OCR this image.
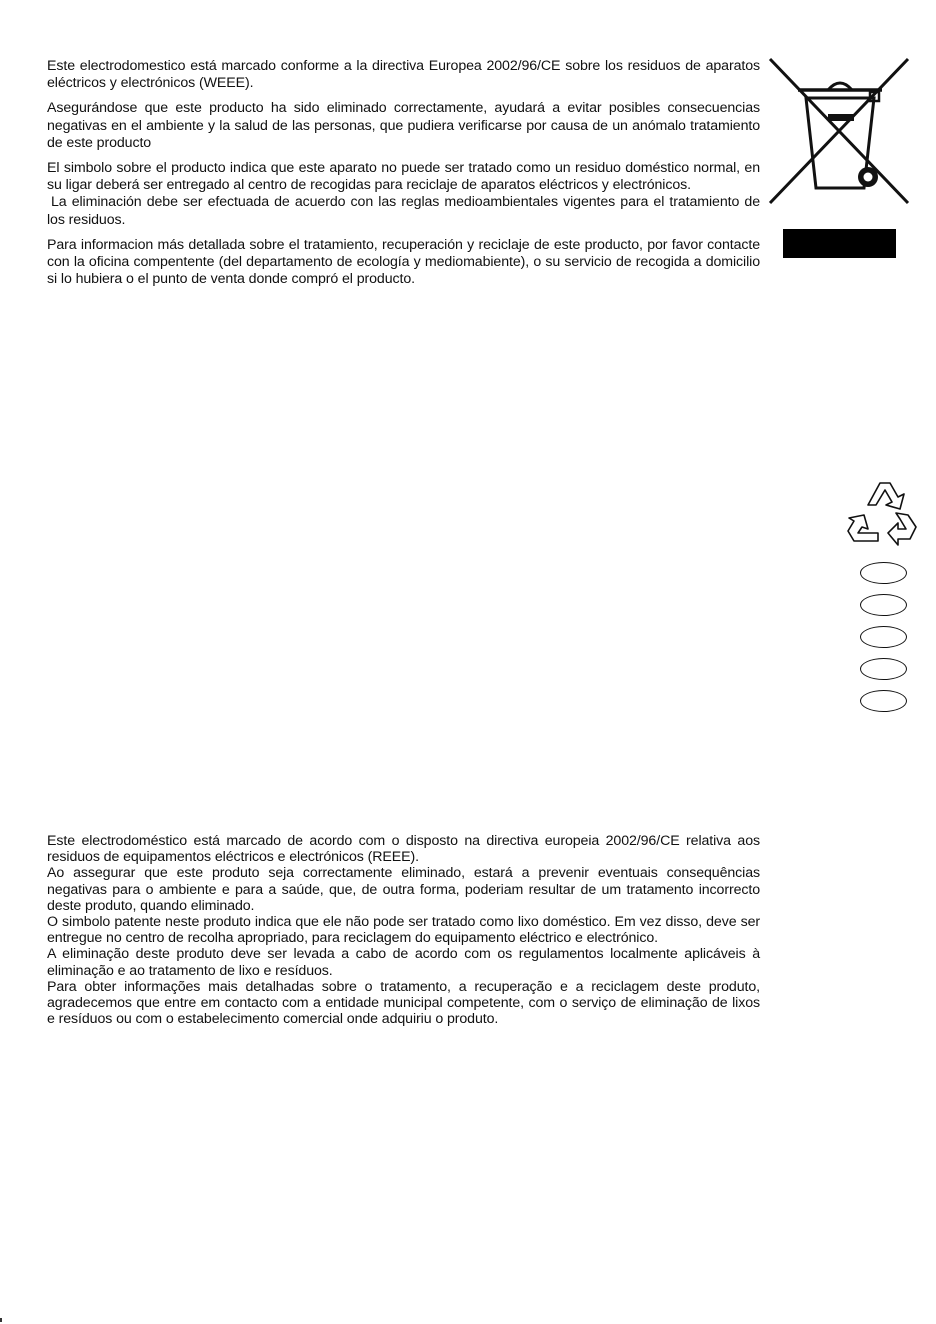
Este electrodomestico está marcado conforme a la directiva Europea 2002/96/CE sobre los residuos de aparatos eléctricos y electrónicos (WEEE).

Asegurándose que este producto ha sido eliminado correctamente, ayudará a evitar posibles consecuencias negativas en el ambiente y la salud de las personas, que pudiera verificarse por causa de un anómalo tratamiento de este producto

El simbolo sobre el producto indica que este aparato no puede ser tratado como un residuo doméstico normal, en su ligar deberá ser entregado al centro de recogidas para reciclaje de aparatos eléctricos y electrónicos.

La eliminación debe ser efectuada de acuerdo con las reglas medioambientales vigentes para el tratamiento de los residuos.

Para informacion más detallada sobre el tratamiento, recuperación y reciclaje de este producto, por favor contacte con la oficina compentente (del departamento de ecología y mediomabiente), o su servicio de recogida a domicilio si lo hubiera o el punto de venta donde compró el producto.

Este electrodoméstico está marcado de acordo com o disposto na directiva europeia 2002/96/CE relativa aos residuos de equipamentos eléctricos e electrónicos (REEE).

Ao assegurar que este produto seja correctamente eliminado, estará a prevenir eventuais consequências negativas para o ambiente e para a saúde, que, de outra forma, poderiam resultar de um tratamento incorrecto deste produto, quando eliminado.

O simbolo patente neste produto indica que ele não pode ser tratado como lixo doméstico. Em vez disso, deve ser entregue no centro de recolha apropriado, para reciclagem do equipamento eléctrico e electrónico.

A eliminação deste produto deve ser levada a cabo de acordo com os regulamentos localmente aplicáveis à eliminação e ao tratamento de lixo e resíduos.

Para obter informações mais detalhadas sobre o tratamento, a recuperação e a reciclagem deste produto, agradecemos que entre em contacto com a entidade municipal competente, com o serviço de eliminação de lixos e resíduos ou com o estabelecimento comercial onde adquiriu o produto.
